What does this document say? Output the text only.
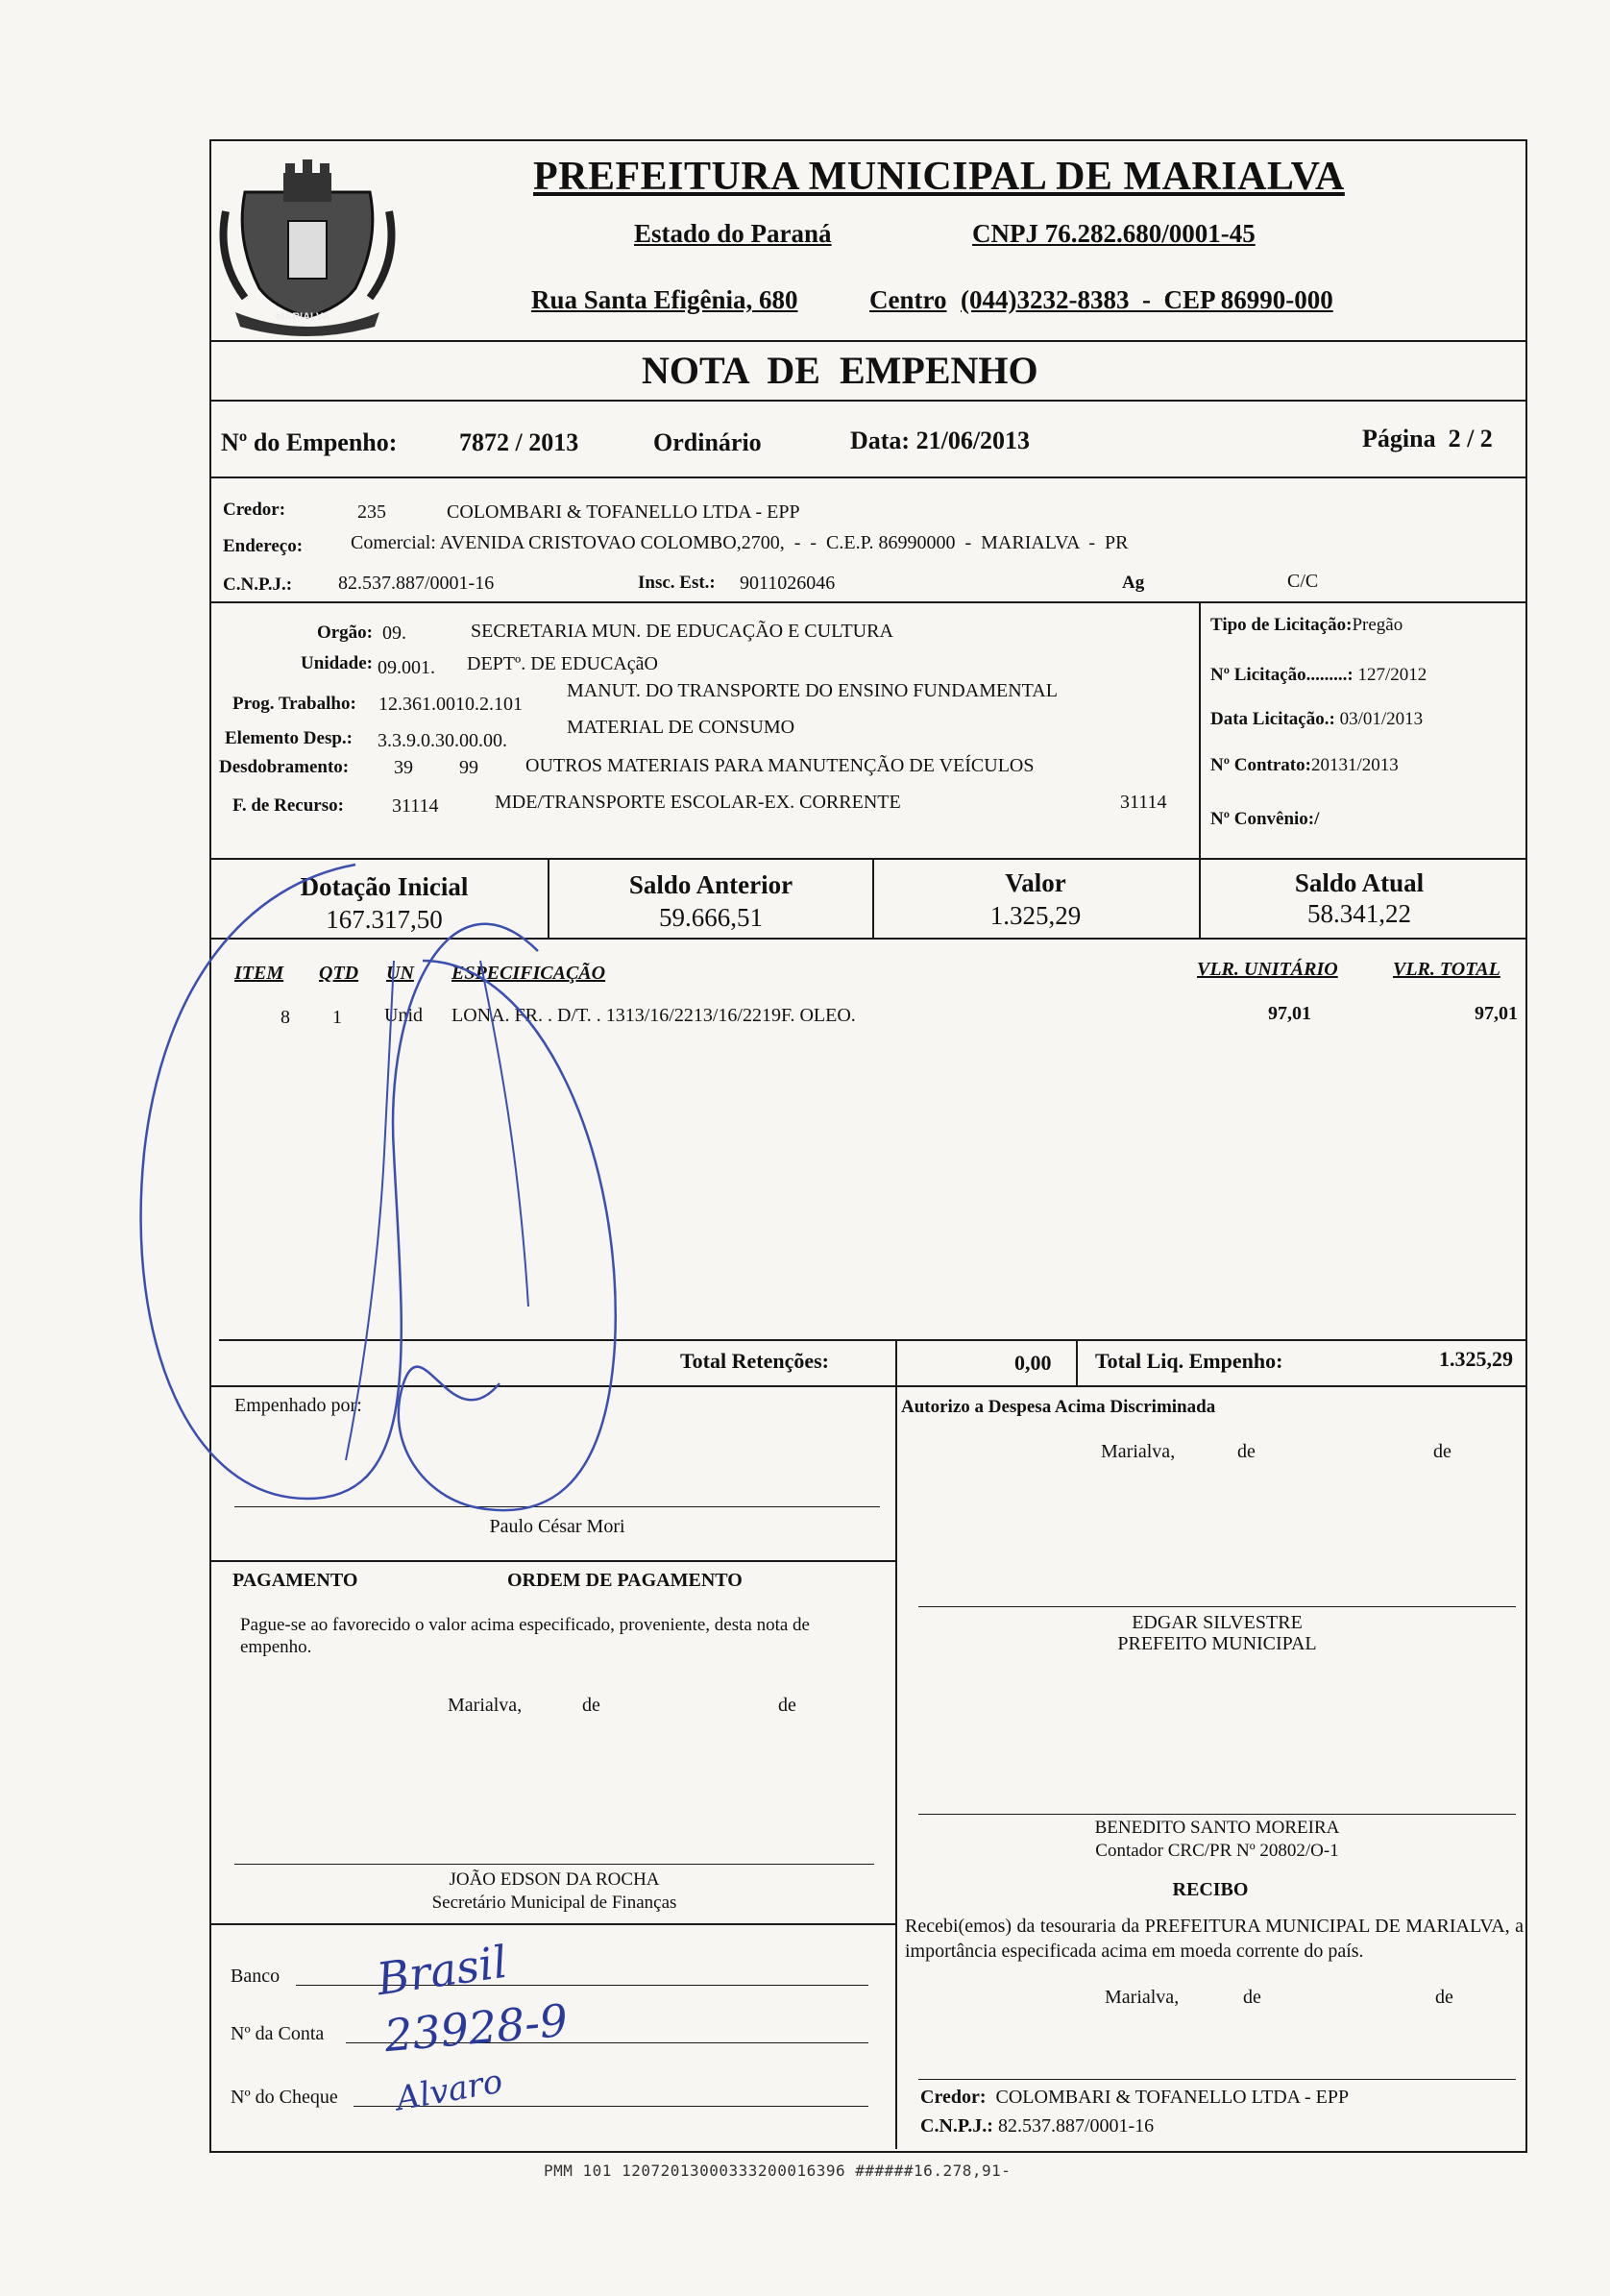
MARIALVA
PREFEITURA MUNICIPAL DE MARIALVA
Estado do Paraná	CNPJ 76.282.680/0001-45
Rua Santa Efigênia, 680	Centro (044)3232-8383  -  CEP 86990-000
NOTA  DE  EMPENHO
Nº do Empenho: 7872 / 2013	Ordinário	Data: 21/06/2013	Página  2 / 2
Credor:	235	COLOMBARI & TOFANELLO LTDA - EPP
Endereço: Comercial: AVENIDA CRISTOVAO COLOMBO,2700,  -  -  C.E.P. 86990000  -  MARIALVA  -  PR
C.N.P.J.: 82.537.887/0001-16	Insc. Est.: 9011026046	Ag	C/C
Orgão: 09.	SECRETARIA MUN. DE EDUCAÇÃO E CULTURA
Unidade: 09.001. DEPTº. DE EDUCAçãO
Prog. Trabalho: 12.361.0010.2.101
MANUT. DO TRANSPORTE DO ENSINO FUNDAMENTAL
Elemento Desp.: 3.3.9.0.30.00.00.
MATERIAL DE CONSUMO
Desdobramento: 39 99 OUTROS MATERIAIS PARA MANUTENÇÃO DE VEÍCULOS
F. de Recurso:	31114	MDE/TRANSPORTE ESCOLAR-EX. CORRENTE	31114
Tipo de Licitação:Pregão
Nº Licitação.........: 127/2012
Data Licitação.: 03/01/2013
Nº Contrato:20131/2013
Nº Convênio:/
Dotação Inicial
167.317,50
Saldo Anterior
59.666,51
Valor
1.325,29
Saldo Atual
58.341,22
ITEM QTD UN ESPECIFICAÇÃO	VLR. UNITÁRIO	VLR. TOTAL
8 1 Unid LONA. FR. . D/T. . 1313/16/2213/16/2219F. OLEO.	97,01	97,01
Total Retenções:	0,00 Total Liq. Empenho:	1.325,29
Empenhado por:
Paulo César Mori
Autorizo a Despesa Acima Discriminada
Marialva,	de	de
PAGAMENTO	ORDEM DE PAGAMENTO
Pague-se ao favorecido o valor acima especificado, proveniente, desta nota de empenho.
Marialva,	de	de
EDGAR SILVESTRE
PREFEITO MUNICIPAL
BENEDITO SANTO MOREIRA
Contador CRC/PR Nº 20802/O-1
JOÃO EDSON DA ROCHA
Secretário Municipal de Finanças
Banco Brasil
Nº da Conta 23928-9
Nº do Cheque Alvaro
RECIBO
Recebi(emos) da tesouraria da PREFEITURA MUNICIPAL DE MARIALVA, a importância especificada acima em moeda corrente do país.
Marialva,	de	de
Credor: COLOMBARI & TOFANELLO LTDA - EPP
C.N.P.J.: 82.537.887/0001-16
PMM 101 12072013000333200016396 ######16.278,91-
